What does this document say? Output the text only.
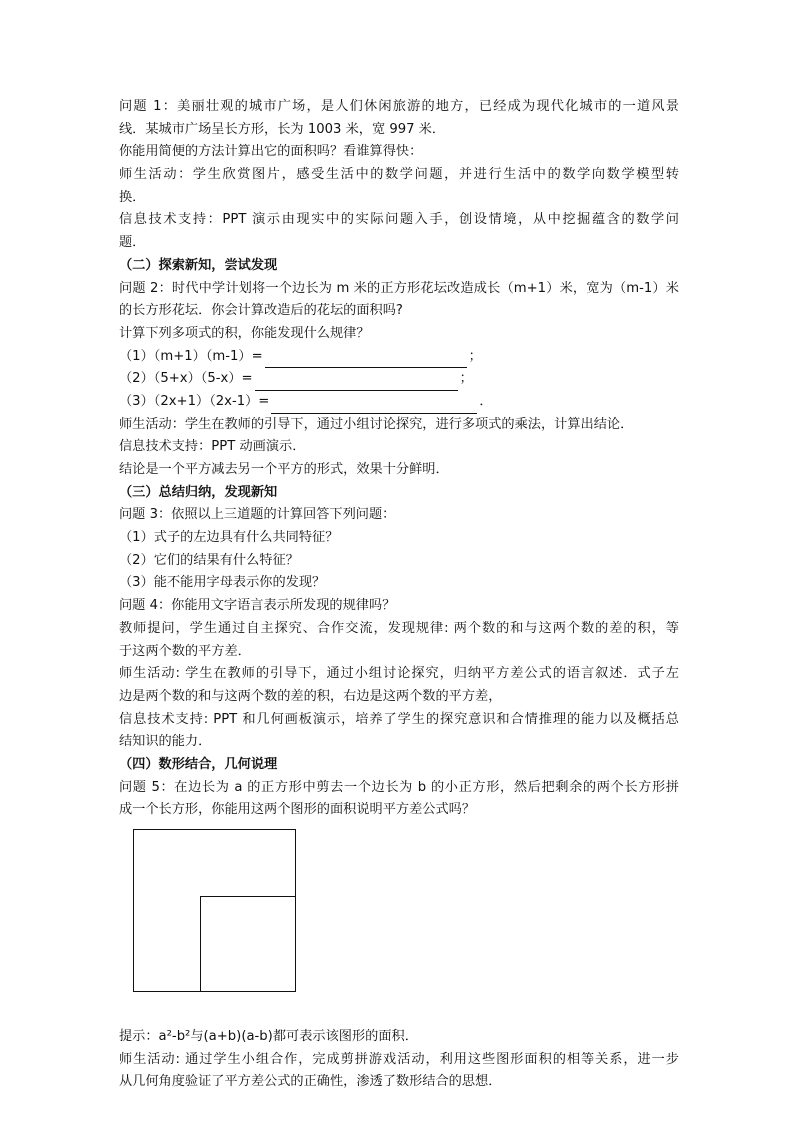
问题 1：美丽壮观的城市广场，是人们休闲旅游的地方，已经成为现代化城市的一道风景
线．某城市广场呈长方形，长为 1003 米，宽 997 米．
你能用简便的方法计算出它的面积吗？看谁算得快：
师生活动：学生欣赏图片，感受生活中的数学问题，并进行生活中的数学向数学模型转
换．
信息技术支持：PPT 演示由现实中的实际问题入手，创设情境，从中挖掘蕴含的数学问
题．
（二）探索新知，尝试发现
问题 2：时代中学计划将一个边长为 m 米的正方形花坛改造成长（m+1）米，宽为（m-1）米
的长方形花坛．你会计算改造后的花坛的面积吗?
计算下列多项式的积，你能发现什么规律？
（1）（m+1）（m-1）=	；
（2）（5+x）（5-x）=	；
（3）（2x+1）（2x-1）=	．
师生活动：学生在教师的引导下，通过小组讨论探究，进行多项式的乘法，计算出结论．
信息技术支持：PPT 动画演示．
结论是一个平方减去另一个平方的形式，效果十分鲜明．
（三）总结归纳，发现新知
问题 3：依照以上三道题的计算回答下列问题：
（1）式子的左边具有什么共同特征？
（2）它们的结果有什么特征？
（3）能不能用字母表示你的发现？
问题 4：你能用文字语言表示所发现的规律吗？
教师提问，学生通过自主探究、合作交流，发现规律: 两个数的和与这两个数的差的积，等
于这两个数的平方差．
师生活动: 学生在教师的引导下，通过小组讨论探究，归纳平方差公式的语言叙述．式子左
边是两个数的和与这两个数的差的积，右边是这两个数的平方差，
信息技术支持: PPT 和几何画板演示，培养了学生的探究意识和合情推理的能力以及概括总
结知识的能力．
（四）数形结合，几何说理
问题 5：在边长为 a 的正方形中剪去一个边长为 b 的小正方形，然后把剩余的两个长方形拼
成一个长方形，你能用这两个图形的面积说明平方差公式吗？
提示：a²-b²与(a+b)(a-b)都可表示该图形的面积．
师生活动: 通过学生小组合作，完成剪拼游戏活动，利用这些图形面积的相等关系，进一步
从几何角度验证了平方差公式的正确性，渗透了数形结合的思想．
